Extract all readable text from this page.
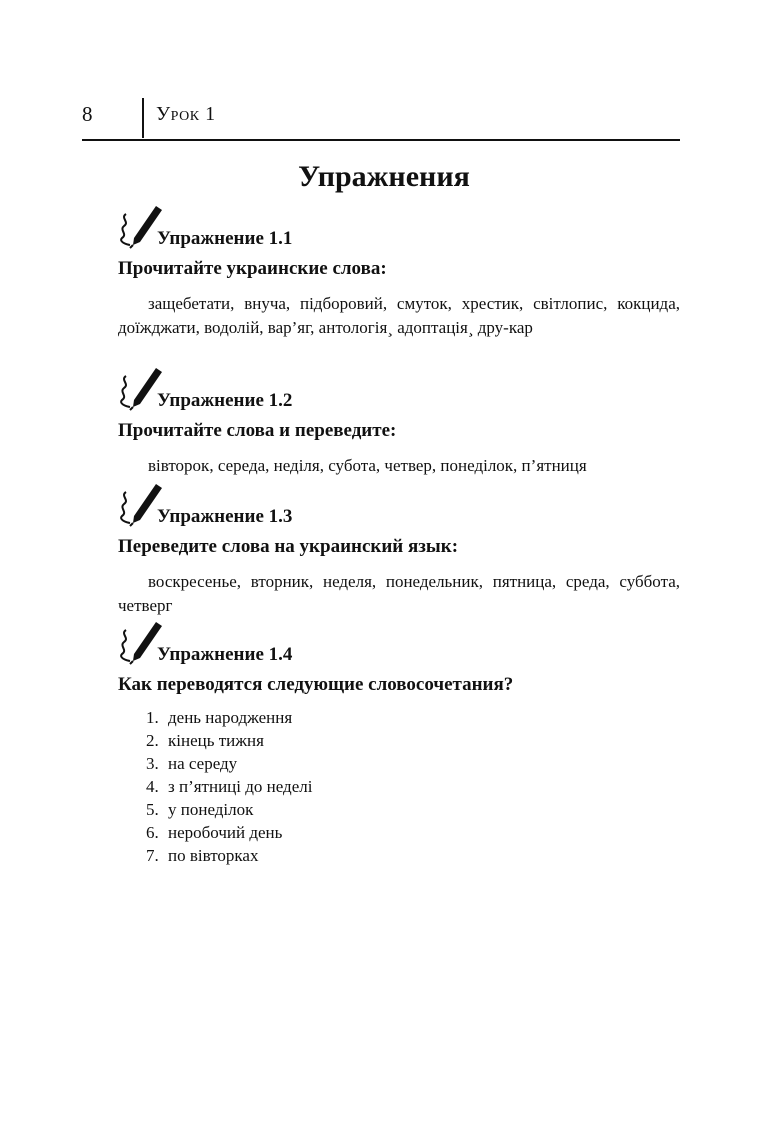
8	Урок 1
Упражнения
Упражнение 1.1
Прочитайте украинские слова:
защебетати, внуча, підборовий, смуток, хрестик, світлопис, кокцида, доїжджати, водолій, вар’яг, антологія¸ адоптація¸ дру-кар
Упражнение 1.2
Прочитайте слова и переведите:
вівторок, середа, неділя, субота, четвер, понеділок, п’ятниця
Упражнение 1.3
Переведите слова на украинский язык:
воскресенье, вторник, неделя, понедельник, пятница, среда, суббота, четверг
Упражнение 1.4
Как переводятся следующие словосочетания?
1. день народження
2. кінець тижня
3. на середу
4. з п’ятниці до неделі
5. у понеділок
6. неробочий день
7. по вівторках
